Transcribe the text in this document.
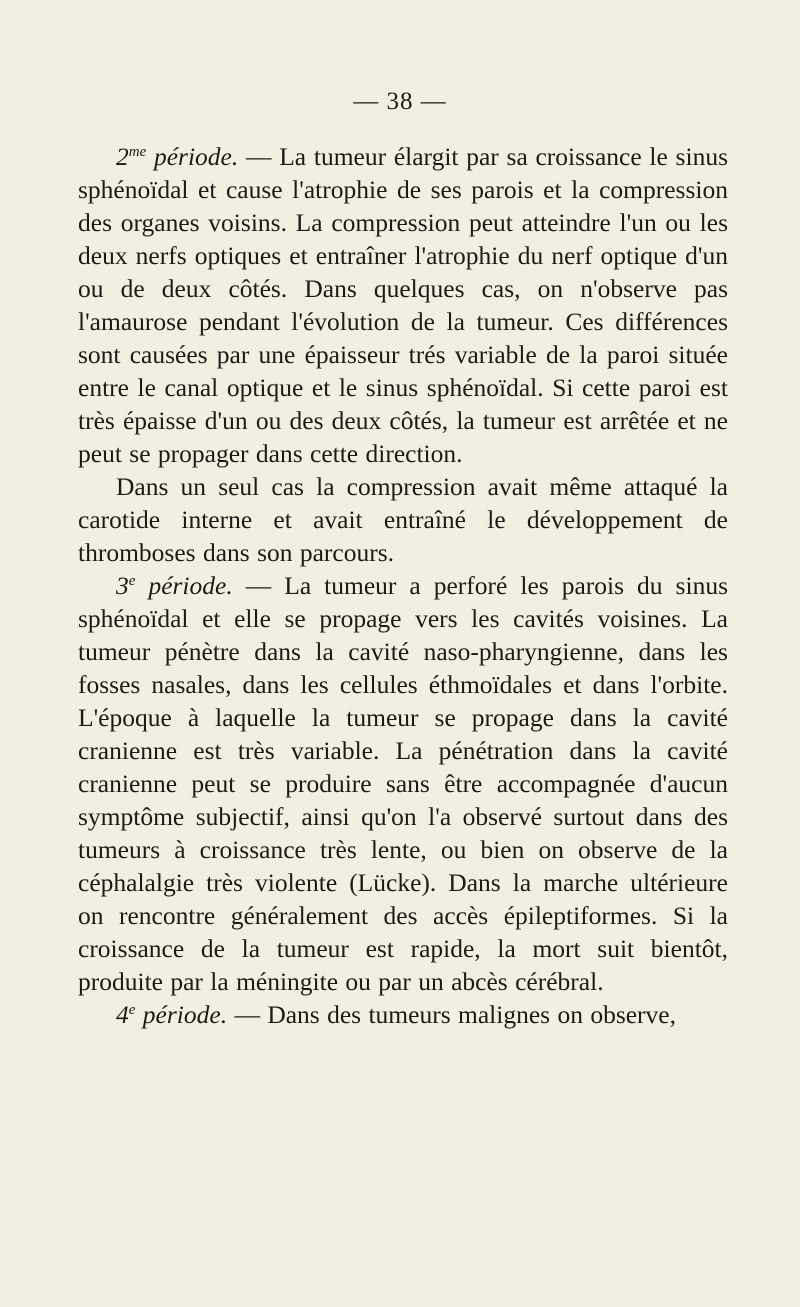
— 38 —

$2^{me}$ période. — La tumeur élargit par sa croissance le sinus sphénoïdal et cause l'atrophie de ses parois et la compression des organes voisins. La compression peut atteindre l'un ou les deux nerfs optiques et entraîner l'atrophie du nerf optique d'un ou de deux côtés. Dans quelques cas, on n'observe pas l'amaurose pendant l'évolution de la tumeur. Ces différences sont causées par une épaisseur trés variable de la paroi située entre le canal optique et le sinus sphénoïdal. Si cette paroi est très épaisse d'un ou des deux côtés, la tumeur est arrêtée et ne peut se propager dans cette direction.

Dans un seul cas la compression avait même attaqué la carotide interne et avait entraîné le développement de thromboses dans son parcours.

3e période. — La tumeur a perforé les parois du sinus sphénoïdal et elle se propage vers les cavités voisines. La tumeur pénètre dans la cavité naso-pharyngienne, dans les fosses nasales, dans les cellules éthmoïdales et dans l'orbite. L'époque à laquelle la tumeur se propage dans la cavité cranienne est très variable. La pénétration dans la cavité cranienne peut se produire sans être accompagnée d'aucun symptôme subjectif, ainsi qu'on l'a observé surtout dans des tumeurs à croissance très lente, ou bien on observe de la céphalalgie très violente (Lücke). Dans la marche ultérieure on rencontre généralement des accès épileptiformes. Si la croissance de la tumeur est rapide, la mort suit bientôt, produite par la méningite ou par un abcès cérébral.

4e période. — Dans des tumeurs malignes on observe,
